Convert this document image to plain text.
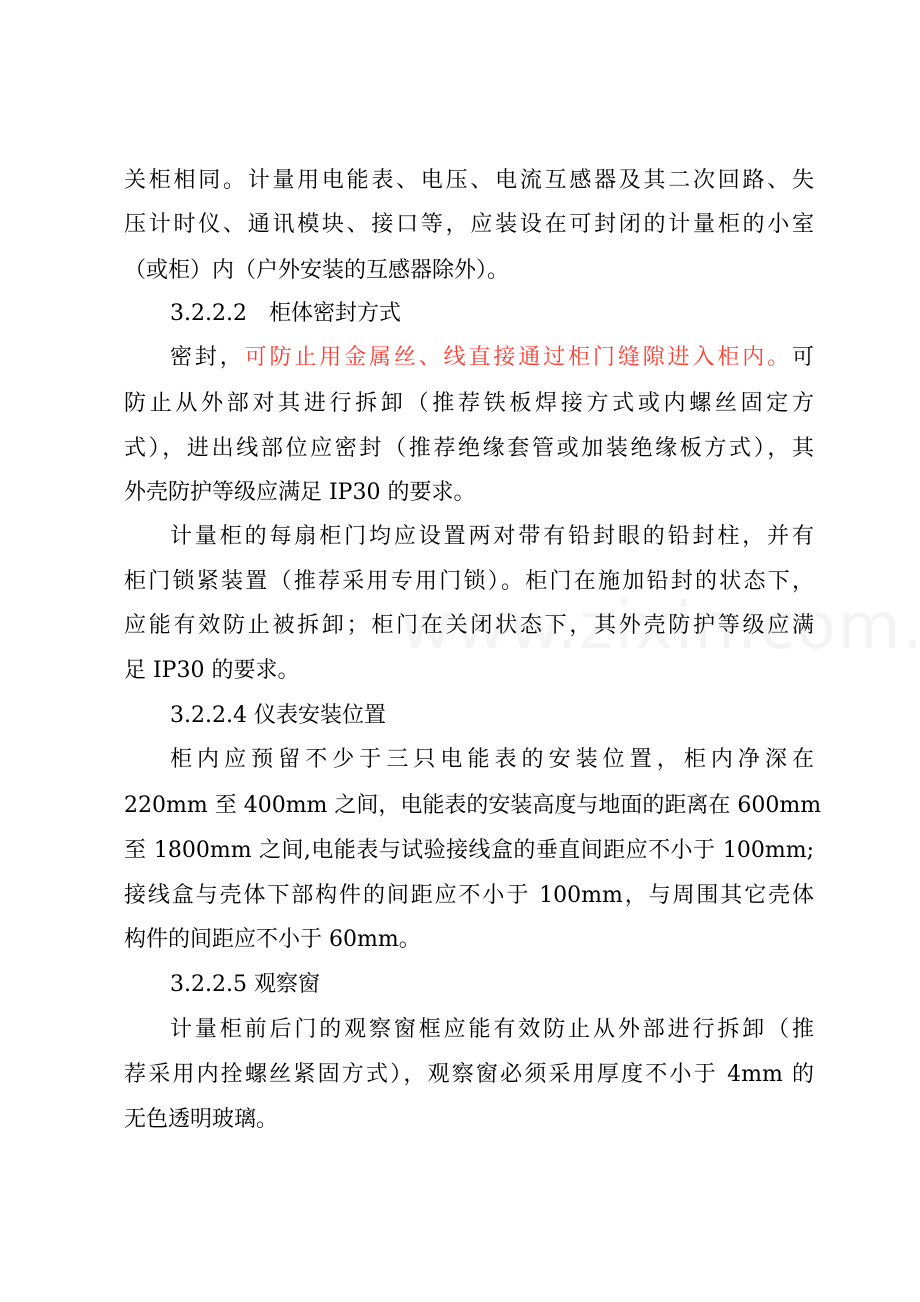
关柜相同。计量用电能表、电压、电流互感器及其二次回路、失
压计时仪、通讯模块、接口等，应装设在可封闭的计量柜的小室
（或柜）内（户外安装的互感器除外）。
3.2.2.2　柜体密封方式
密封，可防止用金属丝、线直接通过柜门缝隙进入柜内。可
防止从外部对其进行拆卸（推荐铁板焊接方式或内螺丝固定方
式），进出线部位应密封（推荐绝缘套管或加装绝缘板方式），其
外壳防护等级应满足 IP30 的要求。
计量柜的每扇柜门均应设置两对带有铅封眼的铅封柱，并有
柜门锁紧装置（推荐采用专用门锁）。柜门在施加铅封的状态下，
应能有效防止被拆卸；柜门在关闭状态下，其外壳防护等级应满
足 IP30 的要求。
3.2.2.4 仪表安装位置
柜内应预留不少于三只电能表的安装位置，柜内净深在
220mm 至 400mm 之间，电能表的安装高度与地面的距离在 600mm
至 1800mm 之间,电能表与试验接线盒的垂直间距应不小于 100mm;
接线盒与壳体下部构件的间距应不小于 100mm，与周围其它壳体
构件的间距应不小于 60mm。
3.2.2.5 观察窗
计量柜前后门的观察窗框应能有效防止从外部进行拆卸（推
荐采用内拴螺丝紧固方式），观察窗必须采用厚度不小于 4mm 的
无色透明玻璃。
